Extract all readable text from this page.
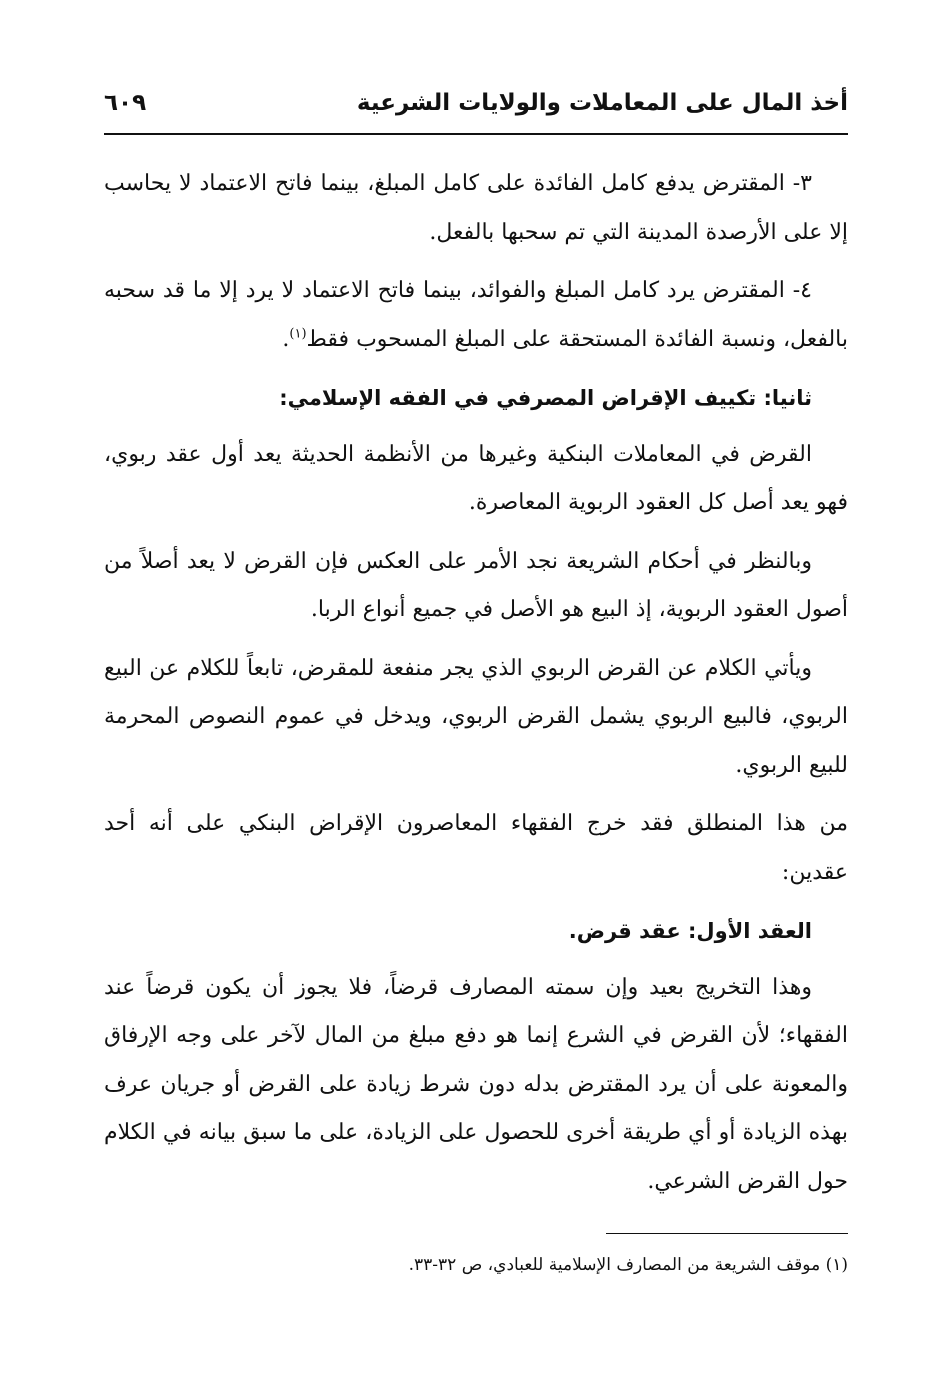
أخذ المال على المعاملات والولايات الشرعية
٦٠٩

٣- المقترض يدفع كامل الفائدة على كامل المبلغ، بينما فاتح الاعتماد لا يحاسب إلا على الأرصدة المدينة التي تم سحبها بالفعل.

٤- المقترض يرد كامل المبلغ والفوائد، بينما فاتح الاعتماد لا يرد إلا ما قد سحبه بالفعل، ونسبة الفائدة المستحقة على المبلغ المسحوب فقط$^{(١)}$.

ثانيا: تكييف الإقراض المصرفي في الفقه الإسلامي:

القرض في المعاملات البنكية وغيرها من الأنظمة الحديثة يعد أول عقد ربوي، فهو يعد أصل كل العقود الربوية المعاصرة.

وبالنظر في أحكام الشريعة نجد الأمر على العكس فإن القرض لا يعد أصلاً من أصول العقود الربوية، إذ البيع هو الأصل في جميع أنواع الربا.

ويأتي الكلام عن القرض الربوي الذي يجر منفعة للمقرض، تابعاً للكلام عن البيع الربوي، فالبيع الربوي يشمل القرض الربوي، ويدخل في عموم النصوص المحرمة للبيع الربوي.

من هذا المنطلق فقد خرج الفقهاء المعاصرون الإقراض البنكي على أنه أحد عقدين:

العقد الأول: عقد قرض.

وهذا التخريج بعيد وإن سمته المصارف قرضاً، فلا يجوز أن يكون قرضاً عند الفقهاء؛ لأن القرض في الشرع إنما هو دفع مبلغ من المال لآخر على وجه الإرفاق والمعونة على أن يرد المقترض بدله دون شرط زيادة على القرض أو جريان عرف بهذه الزيادة أو أي طريقة أخرى للحصول على الزيادة، على ما سبق بيانه في الكلام حول القرض الشرعي.

(١) موقف الشريعة من المصارف الإسلامية للعبادي، ص ٣٢-٣٣.
